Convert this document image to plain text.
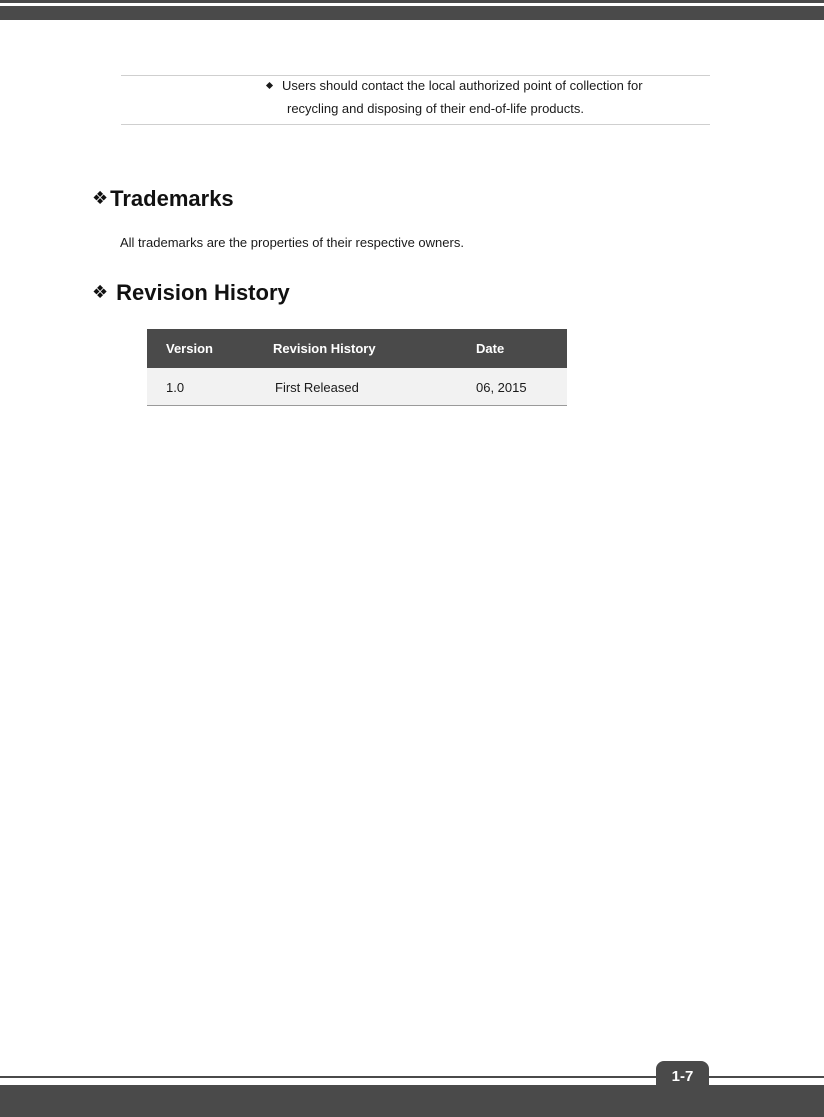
Users should contact the local authorized point of collection for
recycling and disposing of their end-of-life products.
❖Trademarks
All trademarks are the properties of their respective owners.
❖ Revision History
Version	Revision History	Date
1.0	First Released	06, 2015
1-7
